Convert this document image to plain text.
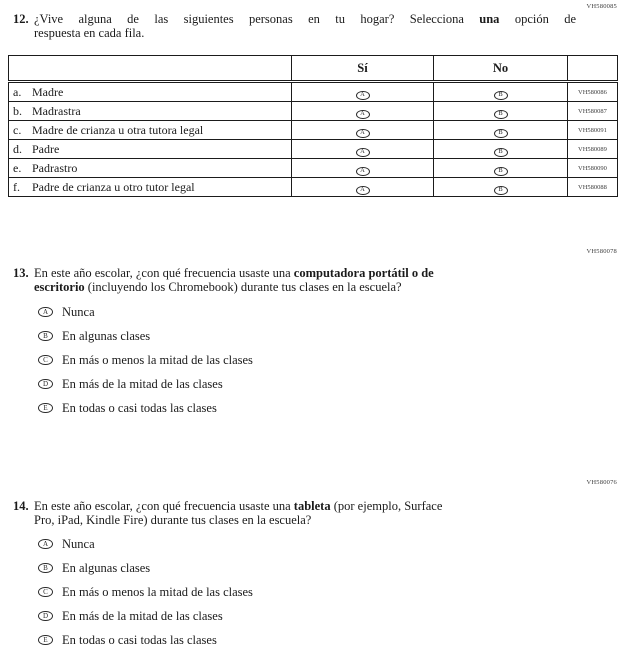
VH580085
VH580078
VH580076
12. ¿Vive alguna de las siguientes personas en tu hogar? Selecciona una opción de
respuesta en cada fila.
	Sí	No	
a. Madre	A	B	VH580086
b. Madrastra	A	B	VH580087
c. Madre de crianza u otra tutora legal	A	B	VH580091
d. Padre	A	B	VH580089
e. Padrastro	A	B	VH580090
f. Padre de crianza u otro tutor legal	A	B	VH580088
13. En este año escolar, ¿con qué frecuencia usaste una computadora portátil o de
escritorio (incluyendo los Chromebook) durante tus clases en la escuela?
A	Nunca
B	En algunas clases
C	En más o menos la mitad de las clases
D	En más de la mitad de las clases
E	En todas o casi todas las clases
14. En este año escolar, ¿con qué frecuencia usaste una tableta (por ejemplo, Surface
Pro, iPad, Kindle Fire) durante tus clases en la escuela?
A	Nunca
B	En algunas clases
C	En más o menos la mitad de las clases
D	En más de la mitad de las clases
E	En todas o casi todas las clases
